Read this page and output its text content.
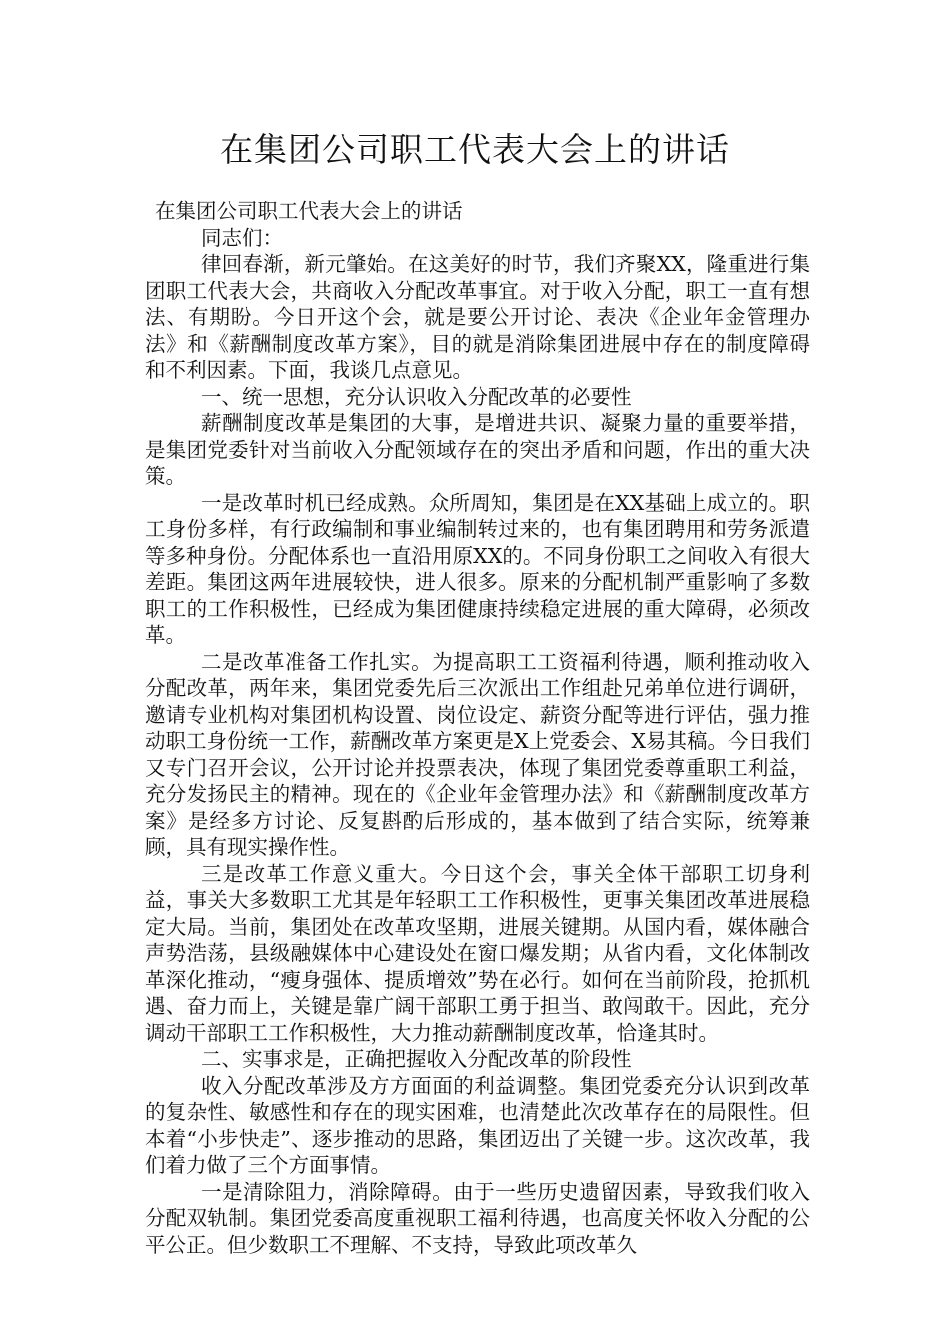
在集团公司职工代表大会上的讲话

在集团公司职工代表大会上的讲话

同志们：

律回春渐，新元肇始。在这美好的时节，我们齐聚XX，隆重进行集团职工代表大会，共商收入分配改革事宜。对于收入分配，职工一直有想法、有期盼。今日开这个会，就是要公开讨论、表决《企业年金管理办法》和《薪酬制度改革方案》，目的就是消除集团进展中存在的制度障碍和不利因素。下面，我谈几点意见。

一、统一思想，充分认识收入分配改革的必要性

薪酬制度改革是集团的大事，是增进共识、凝聚力量的重要举措，是集团党委针对当前收入分配领域存在的突出矛盾和问题，作出的重大决策。

一是改革时机已经成熟。众所周知，集团是在XX基础上成立的。职工身份多样，有行政编制和事业编制转过来的，也有集团聘用和劳务派遣等多种身份。分配体系也一直沿用原XX的。不同身份职工之间收入有很大差距。集团这两年进展较快，进人很多。原来的分配机制严重影响了多数职工的工作积极性，已经成为集团健康持续稳定进展的重大障碍，必须改革。

二是改革准备工作扎实。为提高职工工资福利待遇，顺利推动收入分配改革，两年来，集团党委先后三次派出工作组赴兄弟单位进行调研，邀请专业机构对集团机构设置、岗位设定、薪资分配等进行评估，强力推动职工身份统一工作，薪酬改革方案更是X上党委会、X易其稿。今日我们又专门召开会议，公开讨论并投票表决，体现了集团党委尊重职工利益，充分发扬民主的精神。现在的《企业年金管理办法》和《薪酬制度改革方案》是经多方讨论、反复斟酌后形成的，基本做到了结合实际，统筹兼顾，具有现实操作性。

三是改革工作意义重大。今日这个会，事关全体干部职工切身利益，事关大多数职工尤其是年轻职工工作积极性，更事关集团改革进展稳定大局。当前，集团处在改革攻坚期，进展关键期。从国内看，媒体融合声势浩荡，县级融媒体中心建设处在窗口爆发期；从省内看，文化体制改革深化推动，“瘦身强体、提质增效”势在必行。如何在当前阶段，抢抓机遇、奋力而上，关键是靠广阔干部职工勇于担当、敢闯敢干。因此，充分调动干部职工工作积极性，大力推动薪酬制度改革，恰逢其时。

二、实事求是，正确把握收入分配改革的阶段性

收入分配改革涉及方方面面的利益调整。集团党委充分认识到改革的复杂性、敏感性和存在的现实困难，也清楚此次改革存在的局限性。但本着“小步快走”、逐步推动的思路，集团迈出了关键一步。这次改革，我们着力做了三个方面事情。

一是清除阻力，消除障碍。由于一些历史遗留因素，导致我们收入分配双轨制。集团党委高度重视职工福利待遇，也高度关怀收入分配的公平公正。但少数职工不理解、不支持，导致此项改革久
